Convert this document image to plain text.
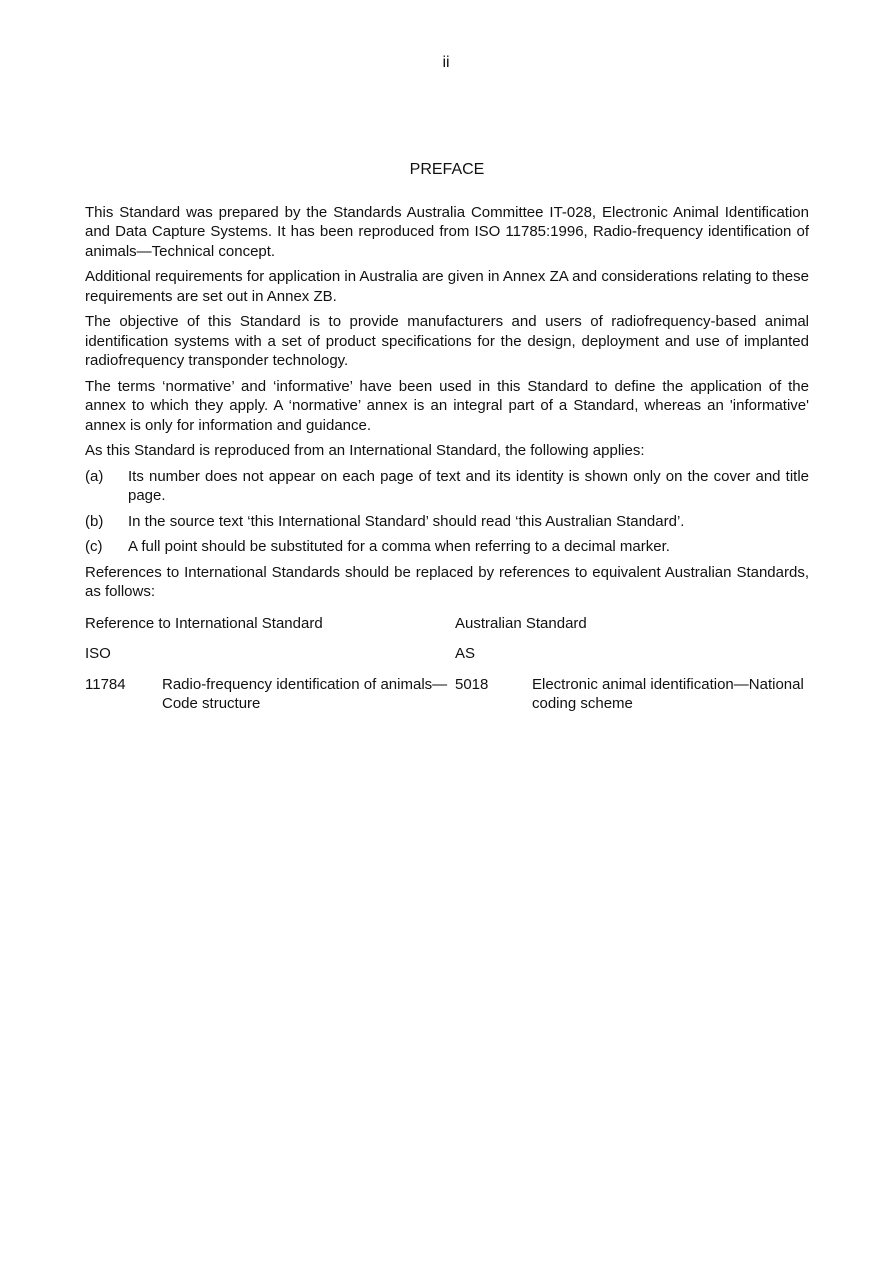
ii
PREFACE

This Standard was prepared by the Standards Australia Committee IT-028, Electronic Animal Identification and Data Capture Systems. It has been reproduced from ISO 11785:1996, Radio-frequency identification of animals—Technical concept.

Additional requirements for application in Australia are given in Annex ZA and considerations relating to these requirements are set out in Annex ZB.

The objective of this Standard is to provide manufacturers and users of radiofrequency-based animal identification systems with a set of product specifications for the design, deployment and use of implanted radiofrequency transponder technology.

The terms ‘normative’ and ‘informative’ have been used in this Standard to define the application of the annex to which they apply. A ‘normative’ annex is an integral part of a Standard, whereas an 'informative' annex is only for information and guidance.

As this Standard is reproduced from an International Standard, the following applies:

(a)	Its number does not appear on each page of text and its identity is shown only on the cover and title page.
(b)	In the source text ‘this International Standard’ should read ‘this Australian Standard’.
(c)	A full point should be substituted for a comma when referring to a decimal marker.

References to International Standards should be replaced by references to equivalent Australian Standards, as follows:

Reference to International Standard		Australian Standard	
ISO		AS	
11784	Radio-frequency identification of animals—Code structure	5018	Electronic animal identification—National coding scheme
